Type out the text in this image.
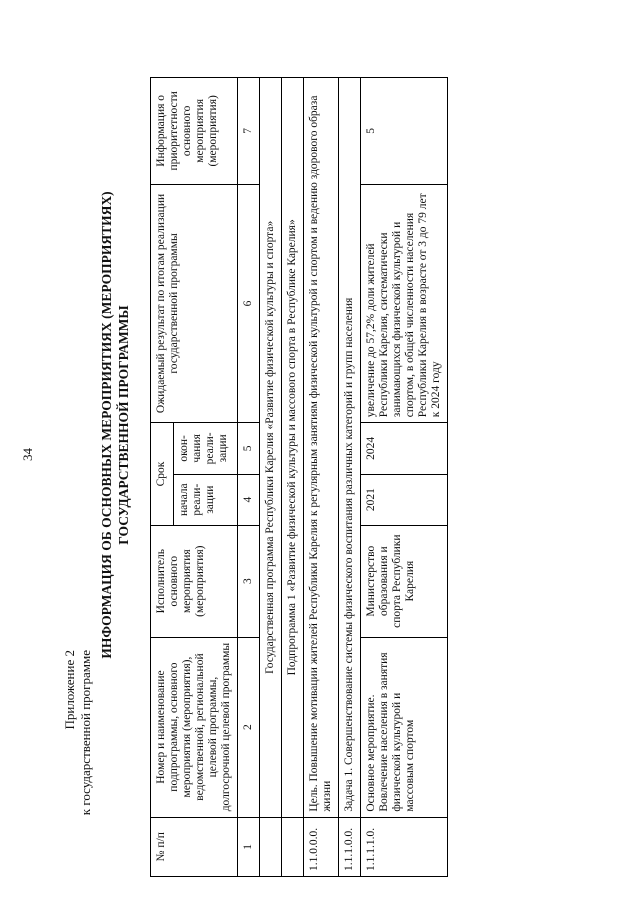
34
Приложение 2 к государственной программе
ИНФОРМАЦИЯ ОБ ОСНОВНЫХ МЕРОПРИЯТИЯХ (МЕРОПРИЯТИЯХ) ГОСУДАРСТВЕННОЙ ПРОГРАММЫ
№ п/п	Номер и наименование подпрограммы, основного мероприятия (мероприятия), ведомственной, региональной целевой программы, долгосрочной целевой программы	Исполнитель основного мероприятия (мероприятия)	Срок		Ожидаемый результат по итогам реализации государственной программы	Информация о приоритетности основного мероприятия (мероприятия)
			начала реали-зации	окон-чания реали-зации		
1	2	3	4	5	6	7
	Государственная программа Республики Карелия «Развитие физической культуры и спорта»					
	Подпрограмма 1 «Развитие физической культуры и массового спорта в Республике Карелия»					
1.1.0.0.0.	Цель. Повышение мотивации жителей Республики Карелия к регулярным занятиям физической культурой и спортом и ведению здорового образа жизни					
1.1.1.0.0.	Задача 1. Совершенствование системы физического воспитания различных категорий и групп населения					
1.1.1.1.0.	Основное мероприятие. Вовлечение населения в занятия физической культурой и массовым спортом	Министерство образования и спорта Республики Карелия	2021	2024	увеличение до 57,2% доли жителей Республики Карелия, систематически занимающихся физической культурой и спортом, в общей численности населения Республики Карелия в возрасте от 3 до 79 лет к 2024 году	5
